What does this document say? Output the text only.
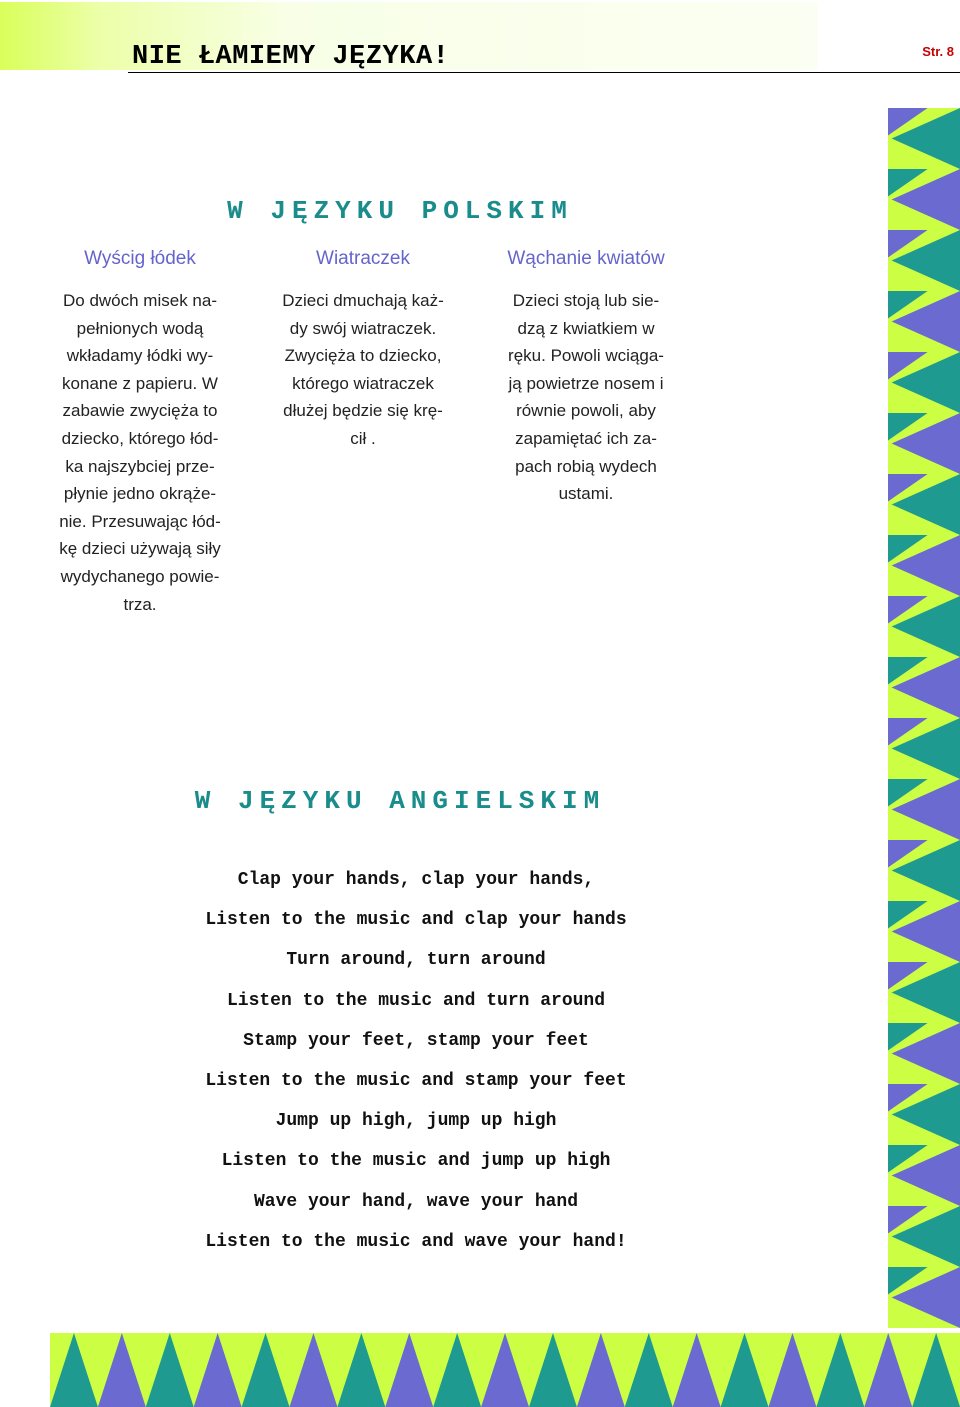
NIE ŁAMIEMY JĘZYKA!	Str. 8
W JĘZYKU POLSKIM
Wyścig łódek	Wiatraczek	Wąchanie kwiatów
Do dwóch misek na-
pełnionych wodą
wkładamy łódki wy-
konane z papieru. W
zabawie zwycięża to
dziecko, którego łód-
ka najszybciej prze-
płynie jedno okrąże-
nie. Przesuwając łód-
kę dzieci używają siły
wydychanego powie-
trza.
Dzieci dmuchają każ-
dy swój wiatraczek.
Zwycięża to dziecko,
którego wiatraczek
dłużej będzie się krę-
cił .
Dzieci stoją lub sie-
dzą z kwiatkiem w
ręku. Powoli wciąga-
ją powietrze nosem i
równie powoli, aby
zapamiętać ich za-
pach robią wydech
ustami.
W JĘZYKU ANGIELSKIM
Clap your hands, clap your hands,
Listen to the music and clap your hands
Turn around, turn around
Listen to the music and turn around
Stamp your feet, stamp your feet
Listen to the music and stamp your feet
Jump up high, jump up high
Listen to the music and jump up high
Wave your hand, wave your hand
Listen to the music and wave your hand!
